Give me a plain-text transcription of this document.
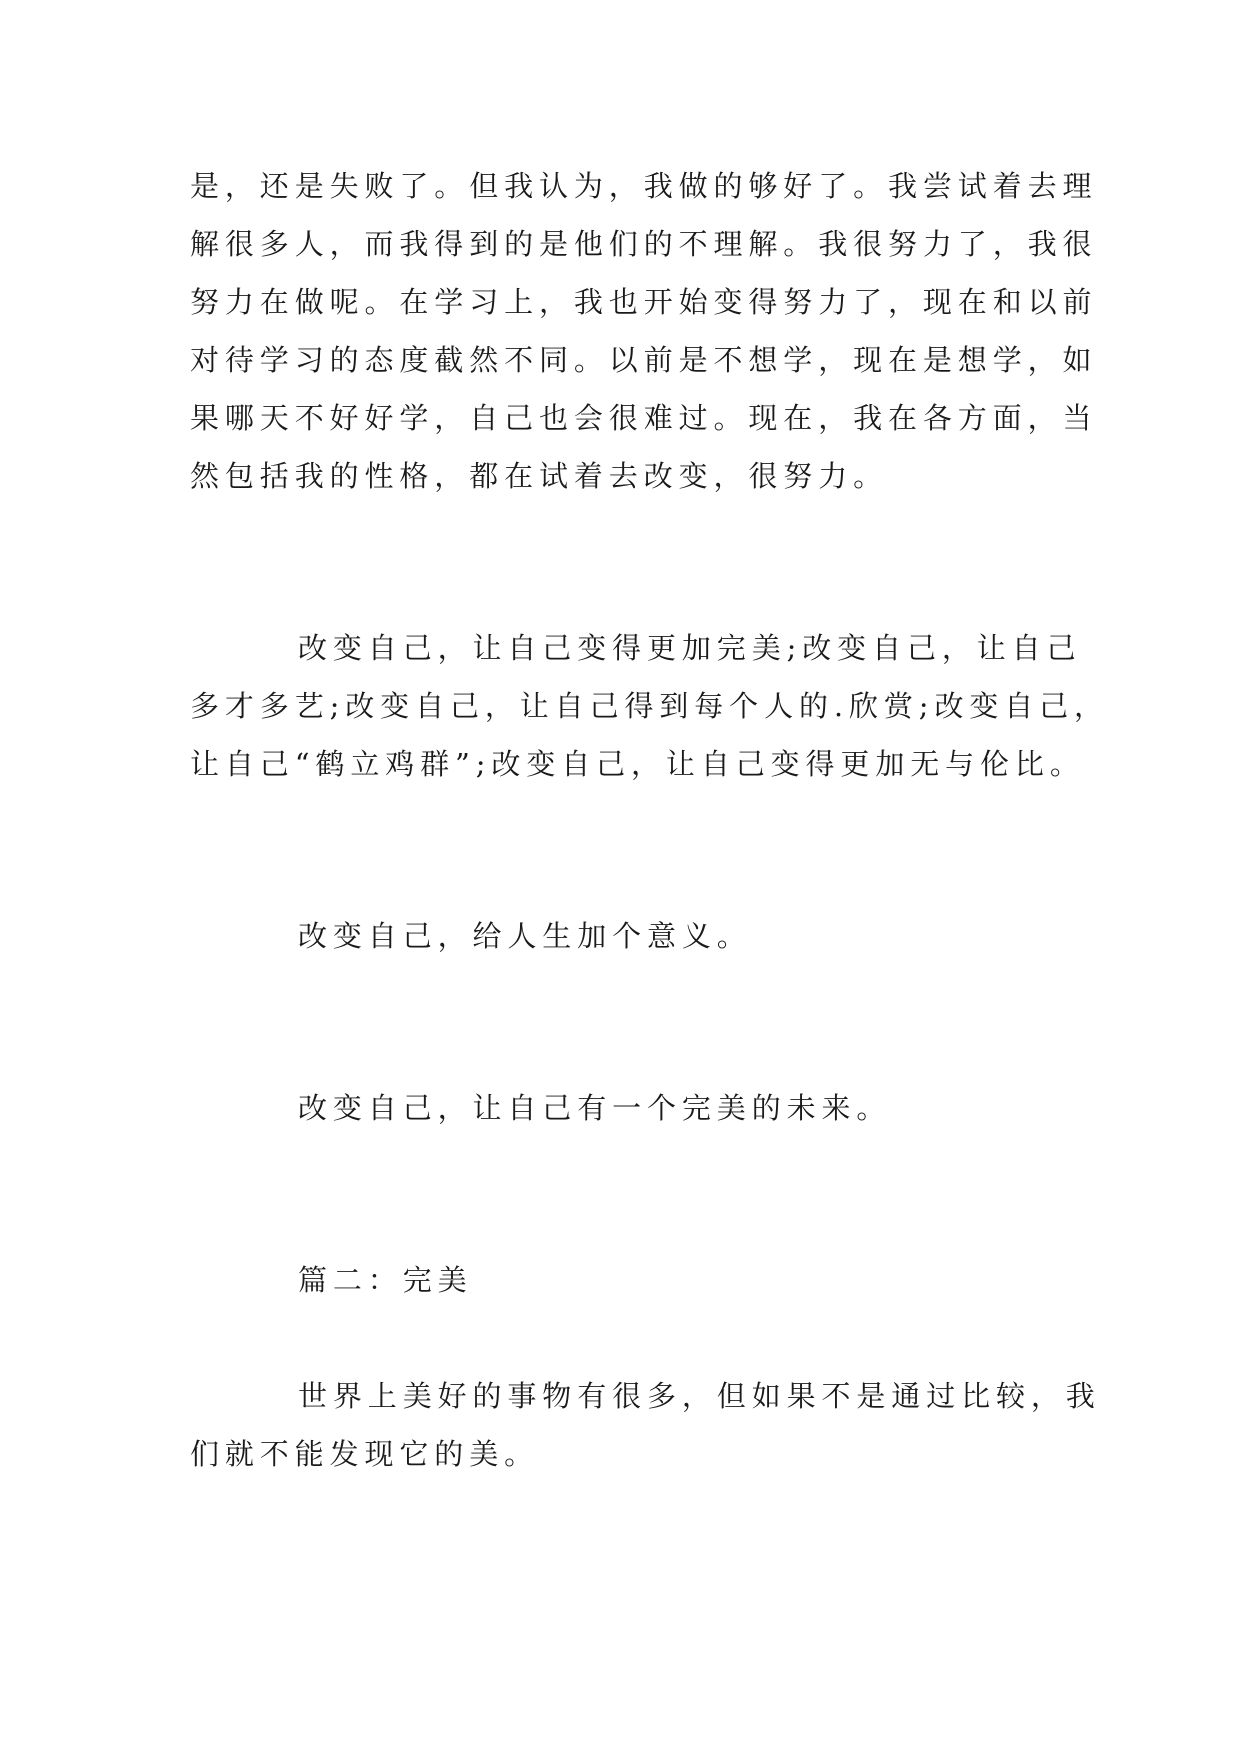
是，还是失败了。但我认为，我做的够好了。我尝试着去理

解很多人，而我得到的是他们的不理解。我很努力了，我很

努力在做呢。在学习上，我也开始变得努力了，现在和以前

对待学习的态度截然不同。以前是不想学，现在是想学，如

果哪天不好好学，自己也会很难过。现在，我在各方面，当

然包括我的性格，都在试着去改变，很努力。

改变自己，让自己变得更加完美;改变自己，让自己

多才多艺;改变自己，让自己得到每个人的.欣赏;改变自己，

让自己“鹤立鸡群”;改变自己，让自己变得更加无与伦比。

改变自己，给人生加个意义。

改变自己，让自己有一个完美的未来。

篇二：完美

世界上美好的事物有很多，但如果不是通过比较，我

们就不能发现它的美。
